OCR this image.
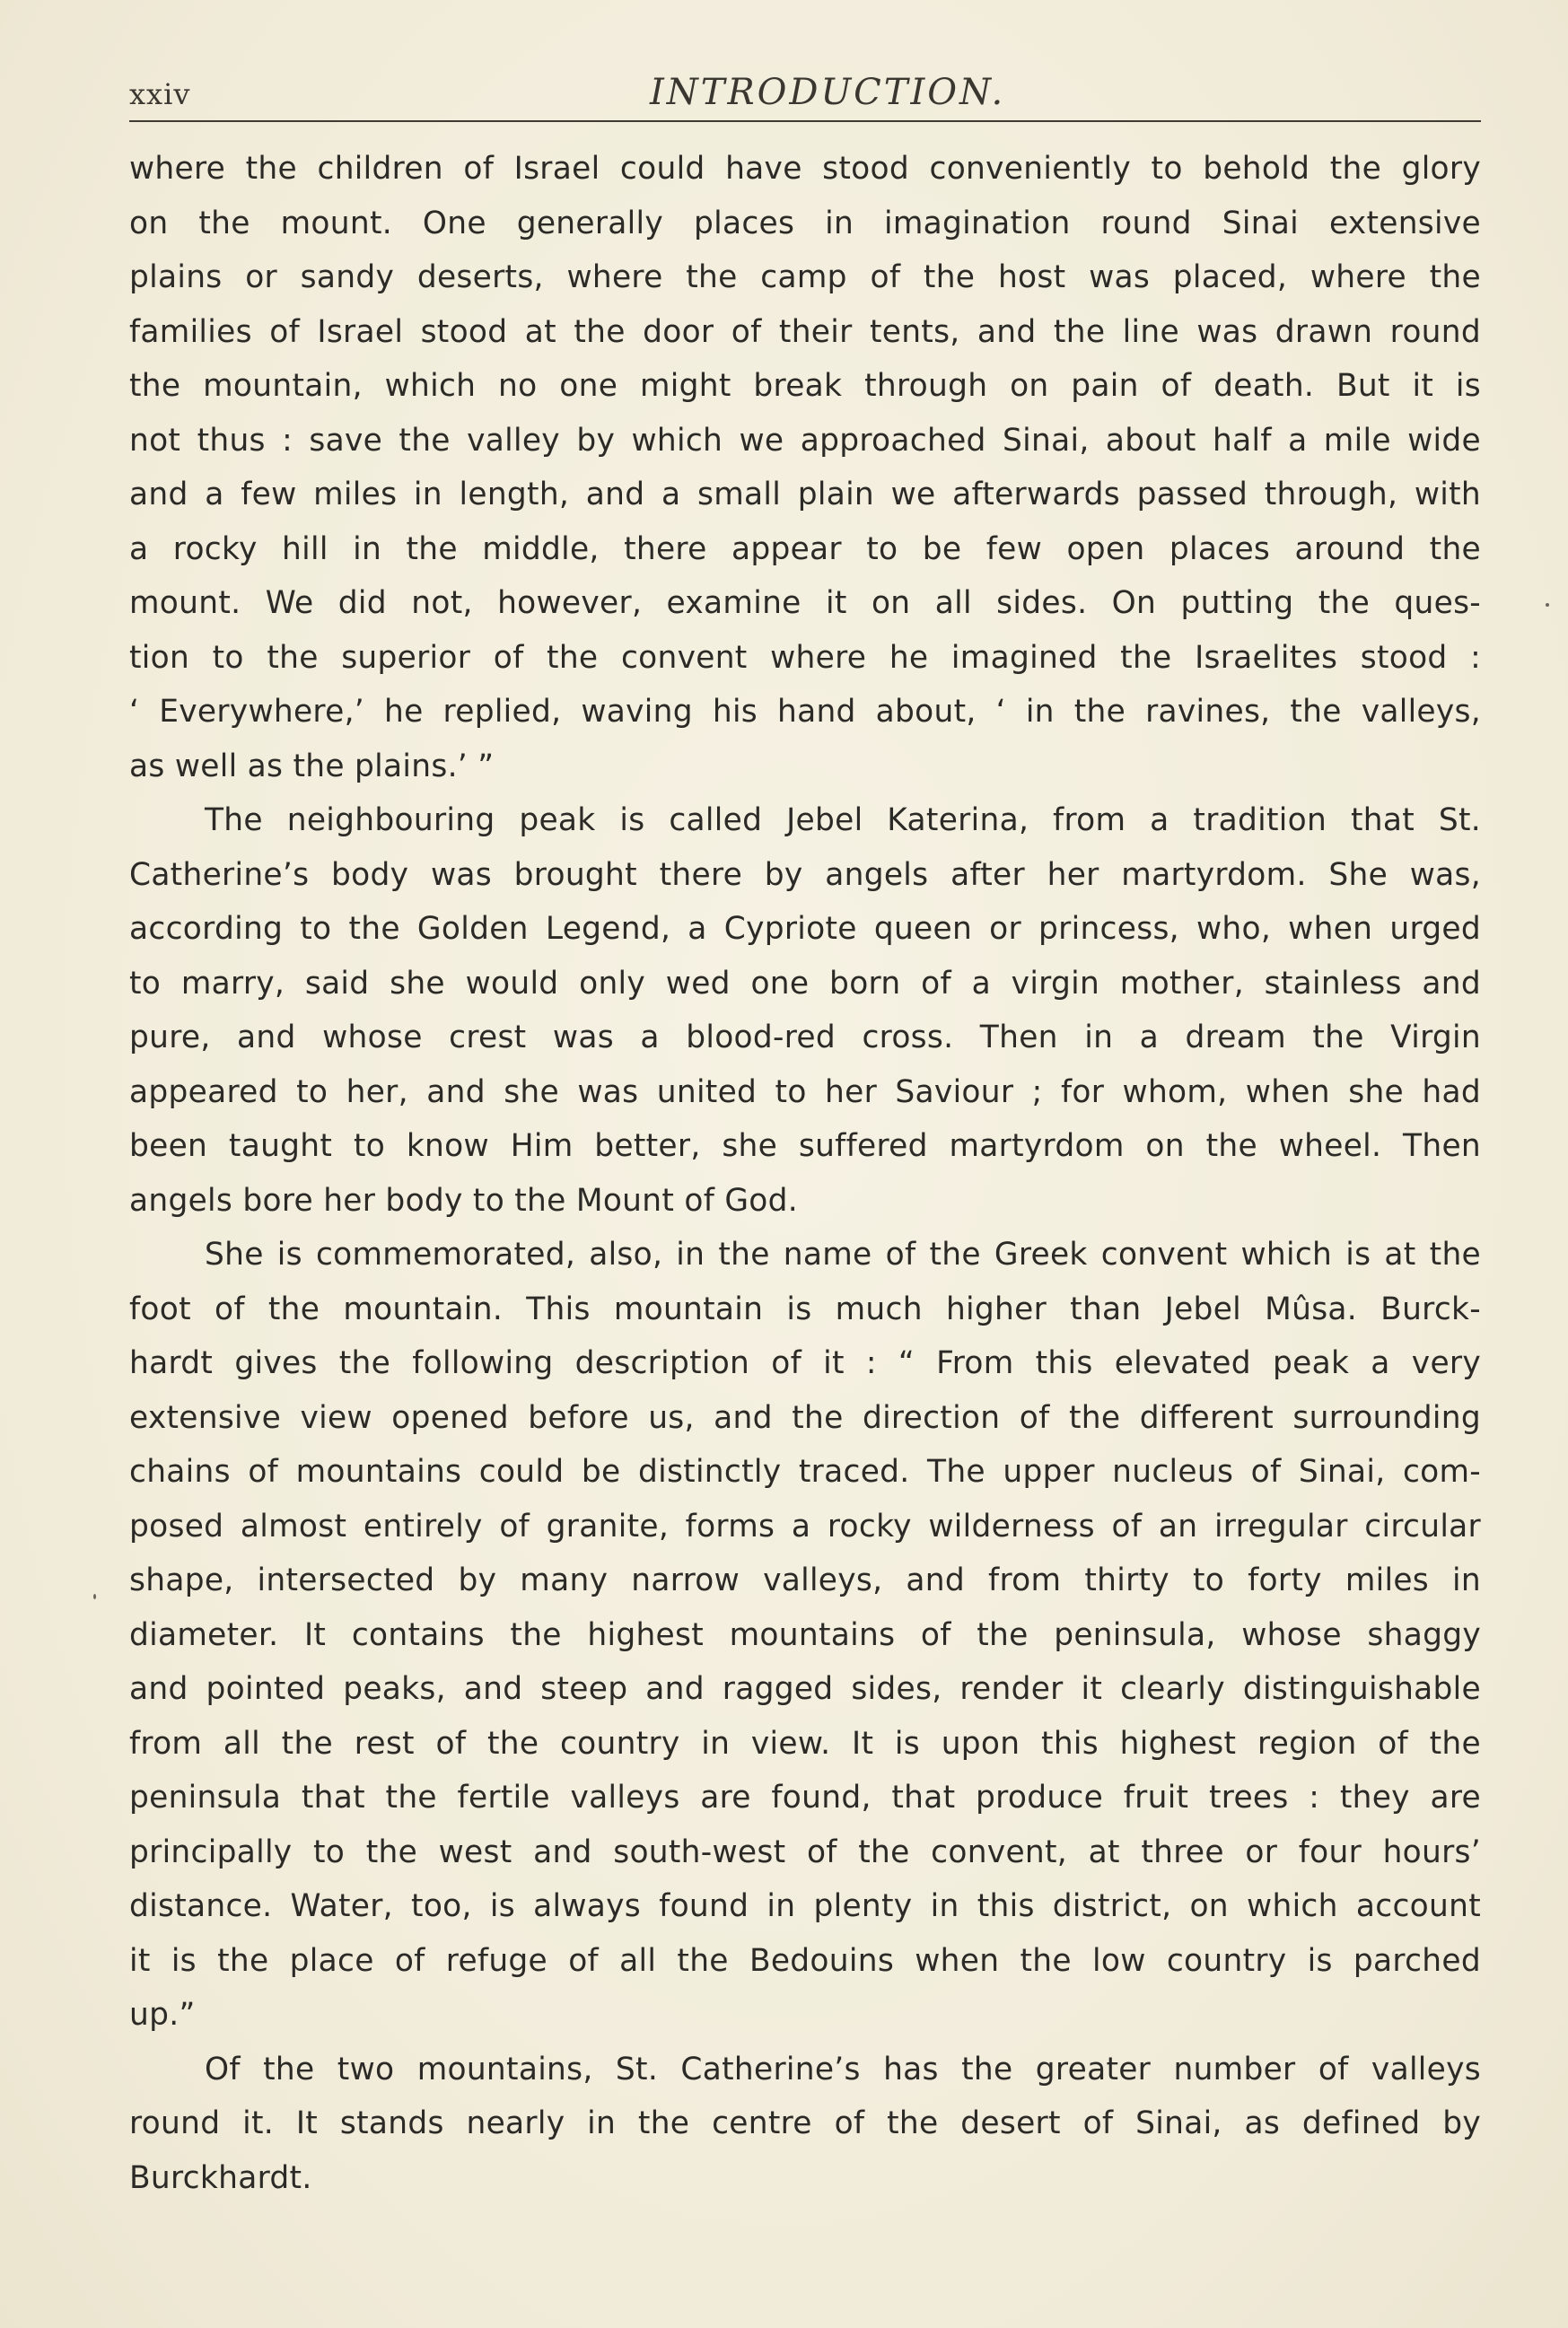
xxiv	INTRODUCTION.
where the children of Israel could have stood conveniently to behold the glory
on the mount. One generally places in imagination round Sinai extensive
plains or sandy deserts, where the camp of the host was placed, where the
families of Israel stood at the door of their tents, and the line was drawn round
the mountain, which no one might break through on pain of death. But it is
not thus : save the valley by which we approached Sinai, about half a mile wide
and a few miles in length, and a small plain we afterwards passed through, with
a rocky hill in the middle, there appear to be few open places around the
mount. We did not, however, examine it on all sides. On putting the ques-
tion to the superior of the convent where he imagined the Israelites stood :
‘ Everywhere,’ he replied, waving his hand about, ‘ in the ravines, the valleys,
as well as the plains.’ ”
The neighbouring peak is called Jebel Katerina, from a tradition that St.
Catherine’s body was brought there by angels after her martyrdom. She was,
according to the Golden Legend, a Cypriote queen or princess, who, when urged
to marry, said she would only wed one born of a virgin mother, stainless and
pure, and whose crest was a blood-red cross. Then in a dream the Virgin
appeared to her, and she was united to her Saviour ; for whom, when she had
been taught to know Him better, she suffered martyrdom on the wheel. Then
angels bore her body to the Mount of God.
She is commemorated, also, in the name of the Greek convent which is at the
foot of the mountain. This mountain is much higher than Jebel Mûsa. Burck-
hardt gives the following description of it : “ From this elevated peak a very
extensive view opened before us, and the direction of the different surrounding
chains of mountains could be distinctly traced. The upper nucleus of Sinai, com-
posed almost entirely of granite, forms a rocky wilderness of an irregular circular
shape, intersected by many narrow valleys, and from thirty to forty miles in
diameter. It contains the highest mountains of the peninsula, whose shaggy
and pointed peaks, and steep and ragged sides, render it clearly distinguishable
from all the rest of the country in view. It is upon this highest region of the
peninsula that the fertile valleys are found, that produce fruit trees : they are
principally to the west and south-west of the convent, at three or four hours’
distance. Water, too, is always found in plenty in this district, on which account
it is the place of refuge of all the Bedouins when the low country is parched
up.”
Of the two mountains, St. Catherine’s has the greater number of valleys
round it. It stands nearly in the centre of the desert of Sinai, as defined by
Burckhardt.
